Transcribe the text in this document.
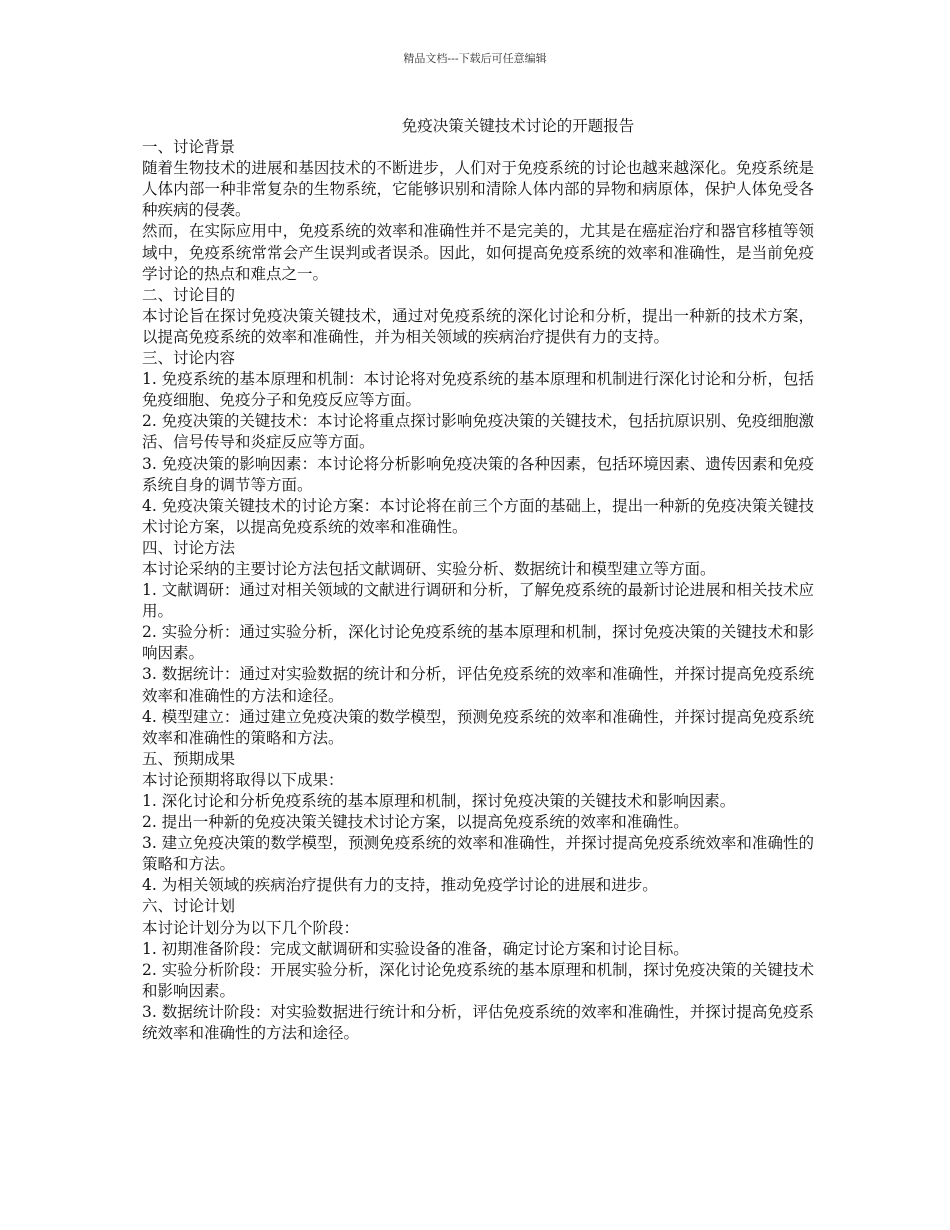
精品文档---下载后可任意编辑
免疫决策关键技术讨论的开题报告
一、讨论背景

随着生物技术的进展和基因技术的不断进步，人们对于免疫系统的讨论也越来越深化。免疫系统是人体内部一种非常复杂的生物系统，它能够识别和清除人体内部的异物和病原体，保护人体免受各种疾病的侵袭。

然而，在实际应用中，免疫系统的效率和准确性并不是完美的，尤其是在癌症治疗和器官移植等领域中，免疫系统常常会产生误判或者误杀。因此，如何提高免疫系统的效率和准确性，是当前免疫学讨论的热点和难点之一。

二、讨论目的

本讨论旨在探讨免疫决策关键技术，通过对免疫系统的深化讨论和分析，提出一种新的技术方案，以提高免疫系统的效率和准确性，并为相关领域的疾病治疗提供有力的支持。

三、讨论内容

1. 免疫系统的基本原理和机制：本讨论将对免疫系统的基本原理和机制进行深化讨论和分析，包括免疫细胞、免疫分子和免疫反应等方面。

2. 免疫决策的关键技术：本讨论将重点探讨影响免疫决策的关键技术，包括抗原识别、免疫细胞激活、信号传导和炎症反应等方面。

3. 免疫决策的影响因素：本讨论将分析影响免疫决策的各种因素，包括环境因素、遗传因素和免疫系统自身的调节等方面。

4. 免疫决策关键技术的讨论方案：本讨论将在前三个方面的基础上，提出一种新的免疫决策关键技术讨论方案，以提高免疫系统的效率和准确性。

四、讨论方法

本讨论采纳的主要讨论方法包括文献调研、实验分析、数据统计和模型建立等方面。

1. 文献调研：通过对相关领域的文献进行调研和分析，了解免疫系统的最新讨论进展和相关技术应用。

2. 实验分析：通过实验分析，深化讨论免疫系统的基本原理和机制，探讨免疫决策的关键技术和影响因素。

3. 数据统计：通过对实验数据的统计和分析，评估免疫系统的效率和准确性，并探讨提高免疫系统效率和准确性的方法和途径。

4. 模型建立：通过建立免疫决策的数学模型，预测免疫系统的效率和准确性，并探讨提高免疫系统效率和准确性的策略和方法。

五、预期成果

本讨论预期将取得以下成果：

1. 深化讨论和分析免疫系统的基本原理和机制，探讨免疫决策的关键技术和影响因素。

2. 提出一种新的免疫决策关键技术讨论方案，以提高免疫系统的效率和准确性。

3. 建立免疫决策的数学模型，预测免疫系统的效率和准确性，并探讨提高免疫系统效率和准确性的策略和方法。

4. 为相关领域的疾病治疗提供有力的支持，推动免疫学讨论的进展和进步。

六、讨论计划

本讨论计划分为以下几个阶段：

1. 初期准备阶段：完成文献调研和实验设备的准备，确定讨论方案和讨论目标。

2. 实验分析阶段：开展实验分析，深化讨论免疫系统的基本原理和机制，探讨免疫决策的关键技术和影响因素。

3. 数据统计阶段：对实验数据进行统计和分析，评估免疫系统的效率和准确性，并探讨提高免疫系统效率和准确性的方法和途径。
